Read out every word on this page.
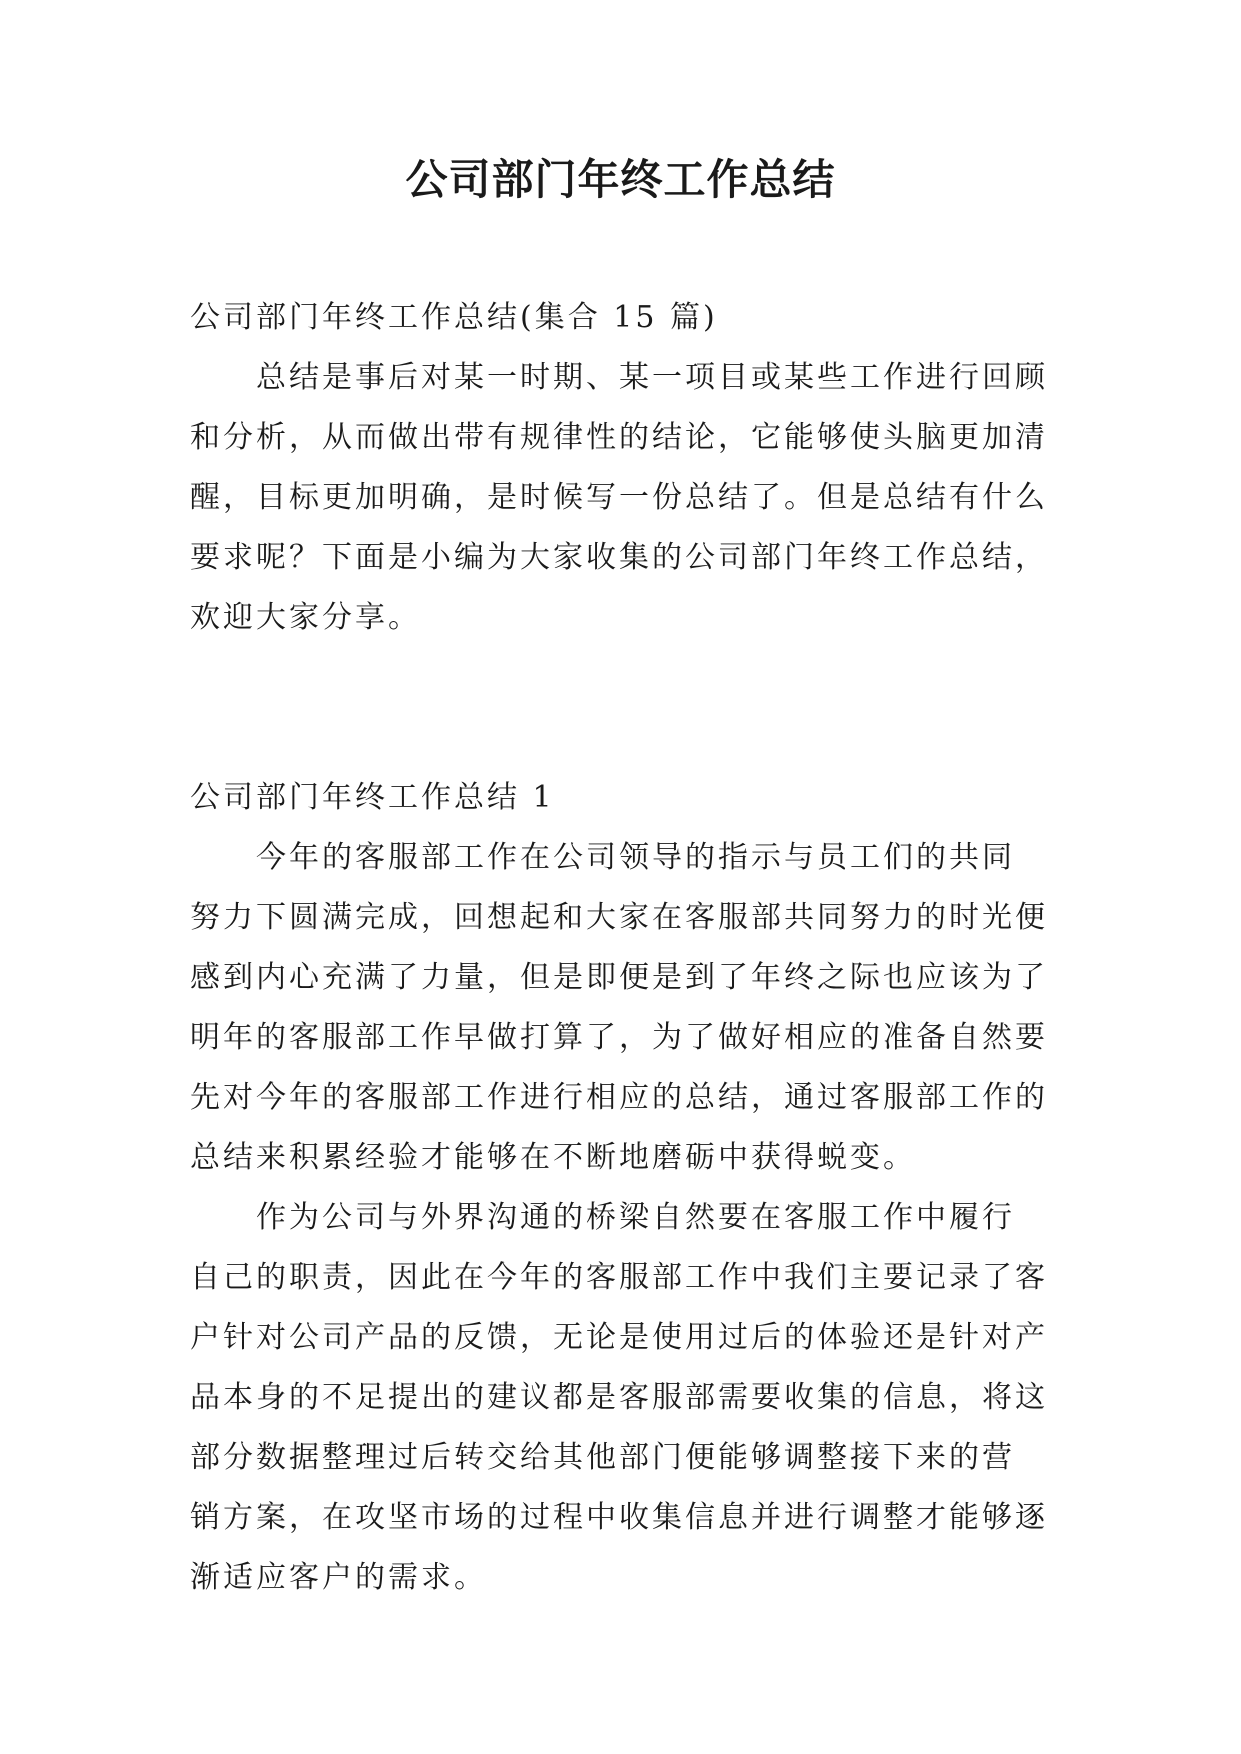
公司部门年终工作总结
公司部门年终工作总结(集合 15 篇)
　　总结是事后对某一时期、某一项目或某些工作进行回顾
和分析，从而做出带有规律性的结论，它能够使头脑更加清
醒，目标更加明确，是时候写一份总结了。但是总结有什么
要求呢？下面是小编为大家收集的公司部门年终工作总结，
欢迎大家分享。
公司部门年终工作总结 1
　　今年的客服部工作在公司领导的指示与员工们的共同
努力下圆满完成，回想起和大家在客服部共同努力的时光便
感到内心充满了力量，但是即便是到了年终之际也应该为了
明年的客服部工作早做打算了，为了做好相应的准备自然要
先对今年的客服部工作进行相应的总结，通过客服部工作的
总结来积累经验才能够在不断地磨砺中获得蜕变。
　　作为公司与外界沟通的桥梁自然要在客服工作中履行
自己的职责，因此在今年的客服部工作中我们主要记录了客
户针对公司产品的反馈，无论是使用过后的体验还是针对产
品本身的不足提出的建议都是客服部需要收集的信息，将这
部分数据整理过后转交给其他部门便能够调整接下来的营
销方案，在攻坚市场的过程中收集信息并进行调整才能够逐
渐适应客户的需求。
